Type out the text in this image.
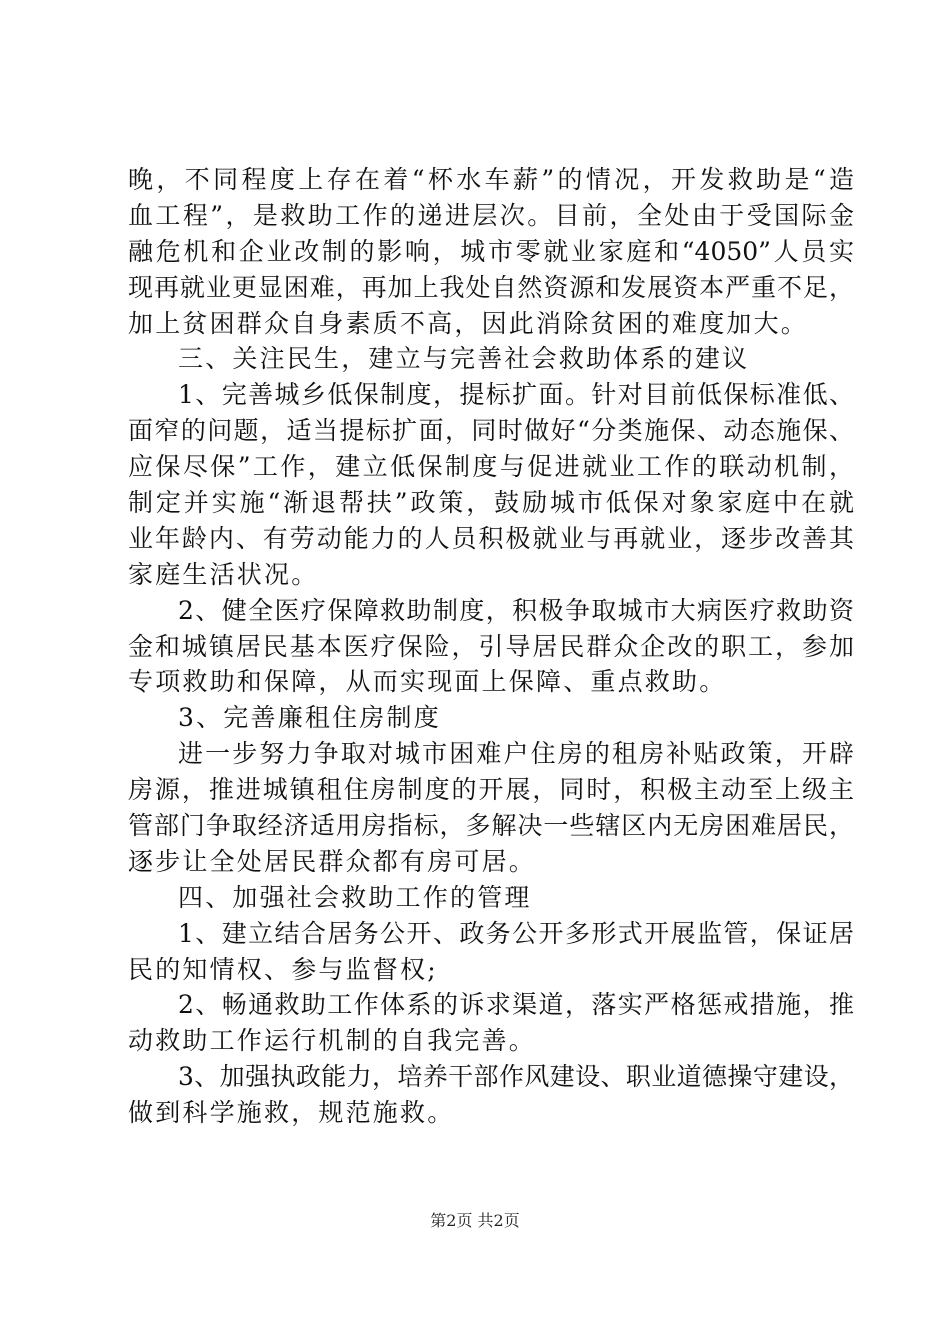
晚，不同程度上存在着“杯水车薪”的情况，开发救助是“造
血工程”，是救助工作的递进层次。目前，全处由于受国际金
融危机和企业改制的影响，城市零就业家庭和“4050”人员实
现再就业更显困难，再加上我处自然资源和发展资本严重不足，
加上贫困群众自身素质不高，因此消除贫困的难度加大。
三、关注民生，建立与完善社会救助体系的建议
1、完善城乡低保制度，提标扩面。针对目前低保标准低、
面窄的问题，适当提标扩面，同时做好“分类施保、动态施保、
应保尽保”工作，建立低保制度与促进就业工作的联动机制，
制定并实施“渐退帮扶”政策，鼓励城市低保对象家庭中在就
业年龄内、有劳动能力的人员积极就业与再就业，逐步改善其
家庭生活状况。
2、健全医疗保障救助制度，积极争取城市大病医疗救助资
金和城镇居民基本医疗保险，引导居民群众企改的职工，参加
专项救助和保障，从而实现面上保障、重点救助。
3、完善廉租住房制度
进一步努力争取对城市困难户住房的租房补贴政策，开辟
房源，推进城镇租住房制度的开展，同时，积极主动至上级主
管部门争取经济适用房指标，多解决一些辖区内无房困难居民，
逐步让全处居民群众都有房可居。
四、加强社会救助工作的管理
1、建立结合居务公开、政务公开多形式开展监管，保证居
民的知情权、参与监督权;
2、畅通救助工作体系的诉求渠道，落实严格惩戒措施，推
动救助工作运行机制的自我完善。
3、加强执政能力，培养干部作风建设、职业道德操守建设，
做到科学施救，规范施救。
第2页 共2页
